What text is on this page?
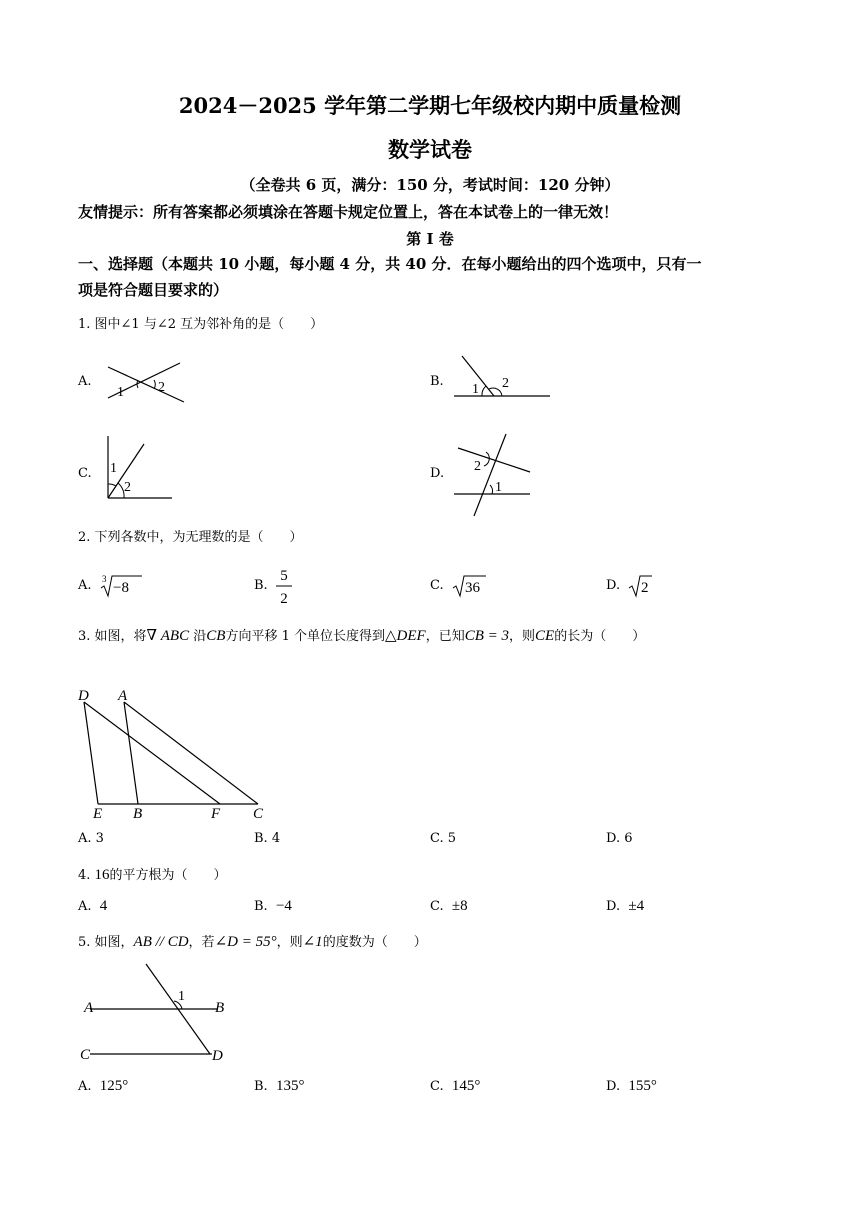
2024－2025 学年第二学期七年级校内期中质量检测
数学试卷
（全卷共 6 页，满分：150 分，考试时间：120 分钟）
友情提示：所有答案都必须填涂在答题卡规定位置上，答在本试卷上的一律无效！
第 I 卷
一、选择题（本题共 10 小题，每小题 4 分，共 40 分．在每小题给出的四个选项中，只有一
项是符合题目要求的）
1. 图中∠1 与∠2 互为邻补角的是（　　）
A.
1 2	B.
1 2
C. 1
2
D. 2
1
2. 下列各数中，为无理数的是（　　）
A. 3
−8	B.
5
2
C. 36	D. 2
3. 如图，将∇ ABC 沿CB方向平移 1 个单位长度得到△DEF，已知CB = 3，则CE的长为（　　）
D A
E B	F C
A. 3	B. 4	C. 5	D. 6
4. 16的平方根为（　　）
A. 4	B. −4	C. ±8	D. ±4
5. 如图，AB // CD，若∠D = 55°，则∠1的度数为（　　）
A	B
C	D
1
A. 125°	B. 135°	C. 145°	D. 155°
